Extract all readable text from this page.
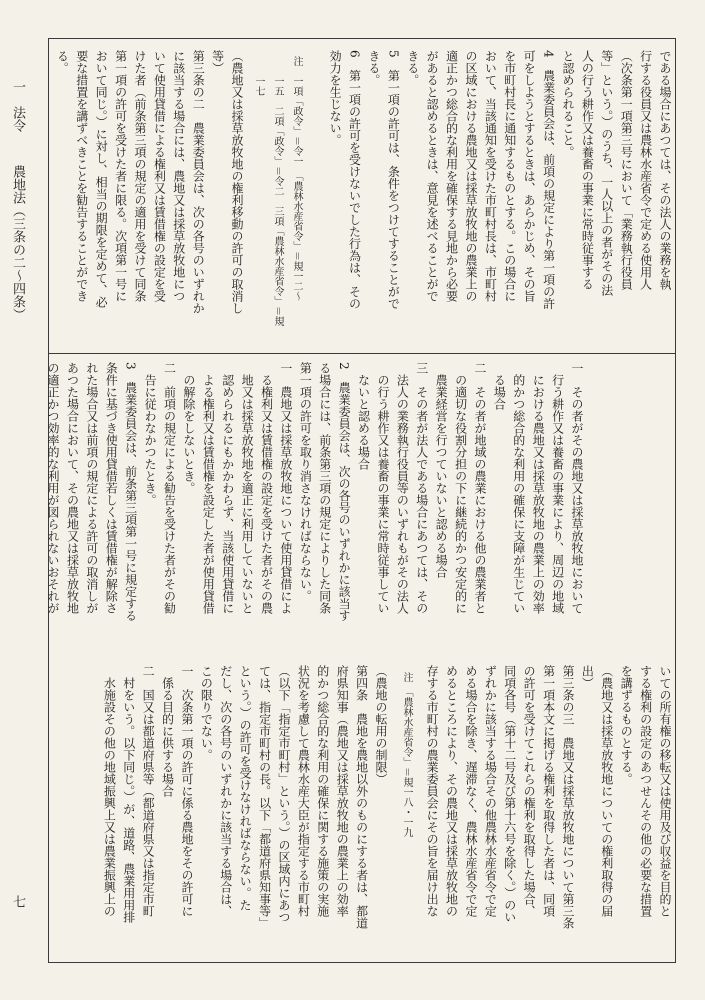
一　法令
農地法（三条の二～四条）
七

である場合にあつては、その法人の業務を執

行する役員又は農林水産省令で定める使用人

（次条第一項第三号において「業務執行役員

等」という。）のうち、一人以上の者がその法

人の行う耕作又は養畜の事業に常時従事する

と認められること。

4　農業委員会は、前項の規定により第一項の許

可をしようとするときは、あらかじめ、その旨

を市町村長に通知するものとする。この場合に

おいて、当該通知を受けた市町村長は、市町村

の区域における農地又は採草放牧地の農業上の

適正かつ総合的な利用を確保する見地から必要

があると認めるときは、意見を述べることがで

きる。

5　第一項の許可は、条件をつけてすることがで

きる。

6　第一項の許可を受けないでした行為は、その

効力を生じない。

注　一項「政令」＝令一　「農林水産省令」＝規一二～

　　一五　二項「政令」＝令二　三項「農林水産省令」＝規

　　一七

（農地又は採草放牧地の権利移動の許可の取消し

等）

第三条の二　農業委員会は、次の各号のいずれか

に該当する場合には、農地又は採草放牧地につ

いて使用貸借による権利又は賃借権の設定を受

けた者（前条第三項の規定の適用を受けて同条

第一項の許可を受けた者に限る。次項第一号に

おいて同じ。）に対し、相当の期限を定めて、必

要な措置を講ずべきことを勧告することができ

る。

一　その者がその農地又は採草放牧地において

　行う耕作又は養畜の事業により、周辺の地域

　における農地又は採草放牧地の農業上の効率

　的かつ総合的な利用の確保に支障が生じてい

　る場合

二　その者が地域の農業における他の農業者と

　の適切な役割分担の下に継続的かつ安定的に

　農業経営を行つていないと認める場合

三　その者が法人である場合にあつては、その

　法人の業務執行役員等のいずれもがその法人

　の行う耕作又は養畜の事業に常時従事してい

　ないと認める場合

2　農業委員会は、次の各号のいずれかに該当す

る場合には、前条第三項の規定によりした同条

第一項の許可を取り消さなければならない。

一　農地又は採草放牧地について使用貸借によ

　る権利又は賃借権の設定を受けた者がその農

　地又は採草放牧地を適正に利用していないと

　認められるにもかかわらず、当該使用貸借に

　よる権利又は賃借権を設定した者が使用貸借

　の解除をしないとき。

二　前項の規定による勧告を受けた者がその勧

　告に従わなかつたとき。

3　農業委員会は、前条第三項第一号に規定する

条件に基づき使用貸借若しくは賃借権が解除さ

れた場合又は前項の規定による許可の取消しが

あつた場合において、その農地又は採草放牧地

の適正かつ効率的な利用が図られないおそれが

いての所有権の移転又は使用及び収益を目的と

する権利の設定のあつせんその他の必要な措置

を講ずるものとする。

（農地又は採草放牧地についての権利取得の届

出）

第三条の三　農地又は採草放牧地について第三条

第一項本文に掲げる権利を取得した者は、同項

の許可を受けてこれらの権利を取得した場合、

同項各号（第十二号及び第十六号を除く。）のい

ずれかに該当する場合その他農林水産省令で定

める場合を除き、遅滞なく、農林水産省令で定

めるところにより、その農地又は採草放牧地の

存する市町村の農業委員会にその旨を届け出な

注　「農林水産省令」＝規一八・一九

（農地の転用の制限）

第四条　農地を農地以外のものにする者は、都道

府県知事（農地又は採草放牧地の農業上の効率

的かつ総合的な利用の確保に関する施策の実施

状況を考慮して農林水産大臣が指定する市町村

（以下「指定市町村」という。）の区域内にあつ

ては、指定市町村の長。以下「都道府県知事等」

という。）の許可を受けなければならない。た

だし、次の各号のいずれかに該当する場合は、

この限りでない。

一　次条第一項の許可に係る農地をその許可に

　係る目的に供する場合

二　国又は都道府県等（都道府県又は指定市町

　村をいう。以下同じ。）が、道路、農業用用排

　水施設その他の地域振興上又は農業振興上の
